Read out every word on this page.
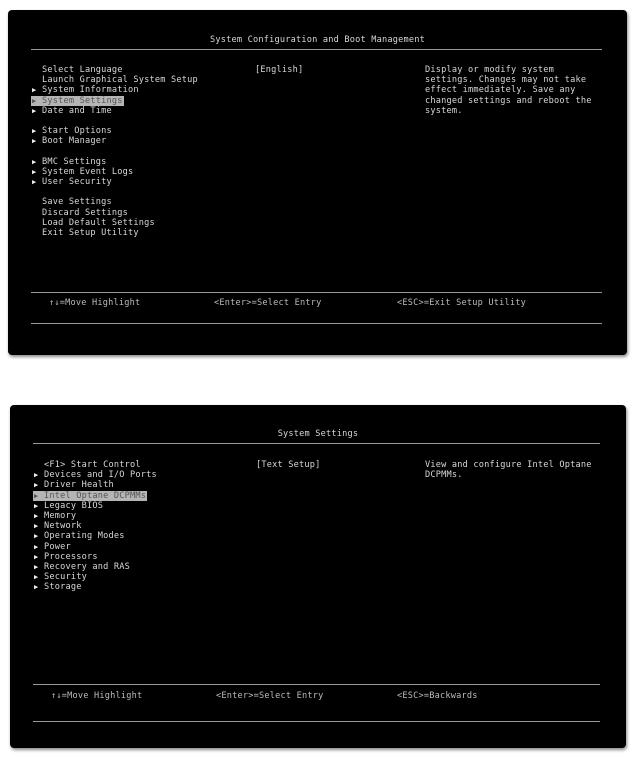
System Configuration and Boot Management
Select Language
Launch Graphical System Setup
System Information
▶
System Settings
▶
Date and Time
▶
Start Options
▶
Boot Manager
▶
BMC Settings
▶
System Event Logs
▶
User Security
▶
Save Settings
Discard Settings
Load Default Settings
Exit Setup Utility
[English]	Display or modify system settings. Changes may not take effect immediately. Save any changed settings and reboot the system.
↑↓=Move Highlight	<Enter>=Select Entry	<ESC>=Exit Setup Utility
System Settings
<F1> Start Control
Devices and I/O Ports
▶
Driver Health
▶
Intel Optane DCPMMs
▶
Legacy BIOS
▶
Memory
▶
Network
▶
Operating Modes
▶
Power
▶
Processors
▶
Recovery and RAS
▶
Security
▶
Storage
▶
[Text Setup]	View and configure Intel Optane DCPMMs.
↑↓=Move Highlight	<Enter>=Select Entry	<ESC>=Backwards
